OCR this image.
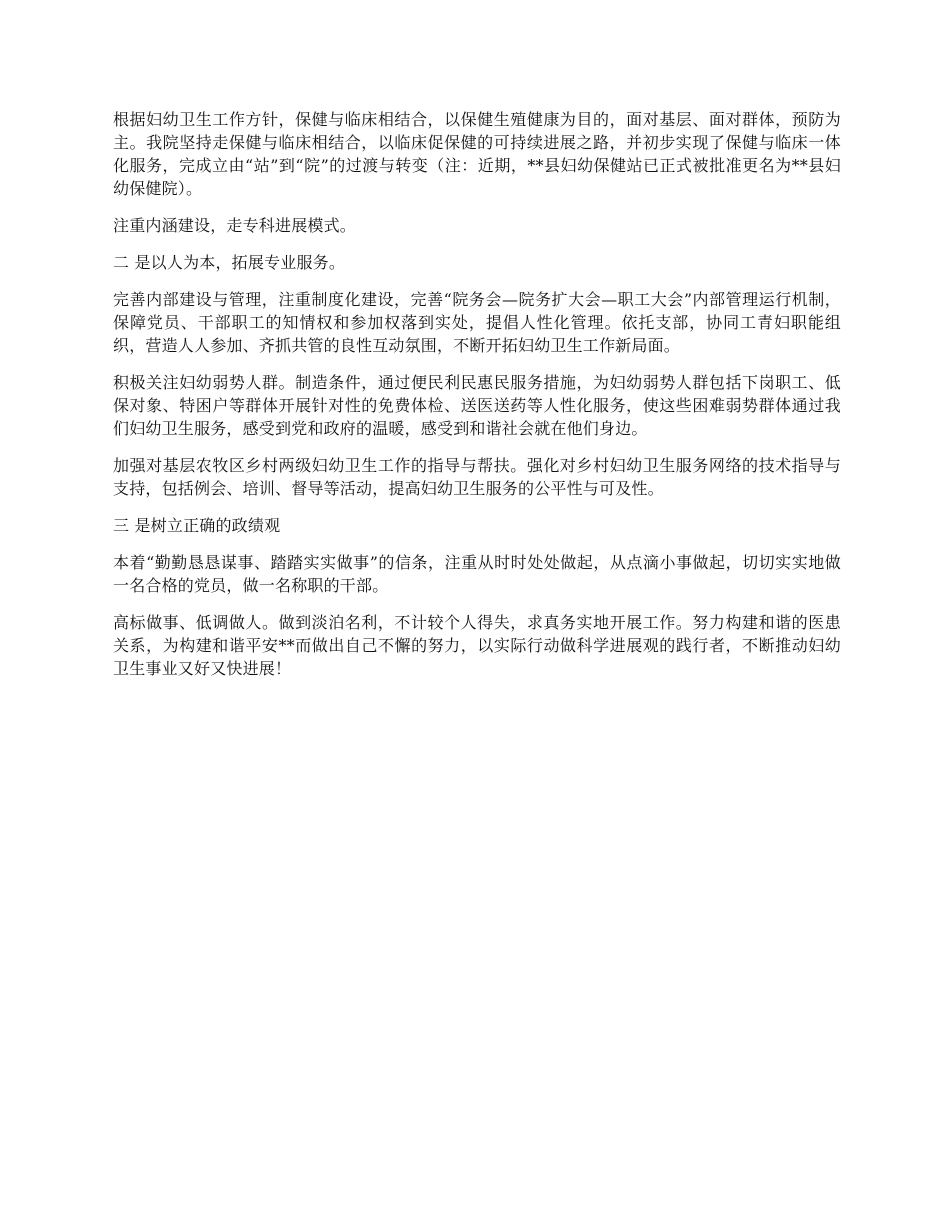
根据妇幼卫生工作方针，保健与临床相结合，以保健生殖健康为目的，面对基层、面对群体，预防为主。我院坚持走保健与临床相结合，以临床促保健的可持续进展之路，并初步实现了保健与临床一体化服务，完成立由“站”到“院”的过渡与转变（注：近期，**县妇幼保健站已正式被批准更名为**县妇幼保健院）。

注重内涵建设，走专科进展模式。

二 是以人为本，拓展专业服务。

完善内部建设与管理，注重制度化建设，完善“院务会—院务扩大会—职工大会”内部管理运行机制，保障党员、干部职工的知情权和参加权落到实处，提倡人性化管理。依托支部，协同工青妇职能组织，营造人人参加、齐抓共管的良性互动氛围，不断开拓妇幼卫生工作新局面。

积极关注妇幼弱势人群。制造条件，通过便民利民惠民服务措施，为妇幼弱势人群包括下岗职工、低保对象、特困户等群体开展针对性的免费体检、送医送药等人性化服务，使这些困难弱势群体通过我们妇幼卫生服务，感受到党和政府的温暖，感受到和谐社会就在他们身边。

加强对基层农牧区乡村两级妇幼卫生工作的指导与帮扶。强化对乡村妇幼卫生服务网络的技术指导与支持，包括例会、培训、督导等活动，提高妇幼卫生服务的公平性与可及性。

三 是树立正确的政绩观

本着“勤勤恳恳谋事、踏踏实实做事”的信条，注重从时时处处做起，从点滴小事做起，切切实实地做一名合格的党员，做一名称职的干部。

高标做事、低调做人。做到淡泊名利，不计较个人得失，求真务实地开展工作。努力构建和谐的医患关系，为构建和谐平安**而做出自己不懈的努力，以实际行动做科学进展观的践行者，不断推动妇幼卫生事业又好又快进展！
